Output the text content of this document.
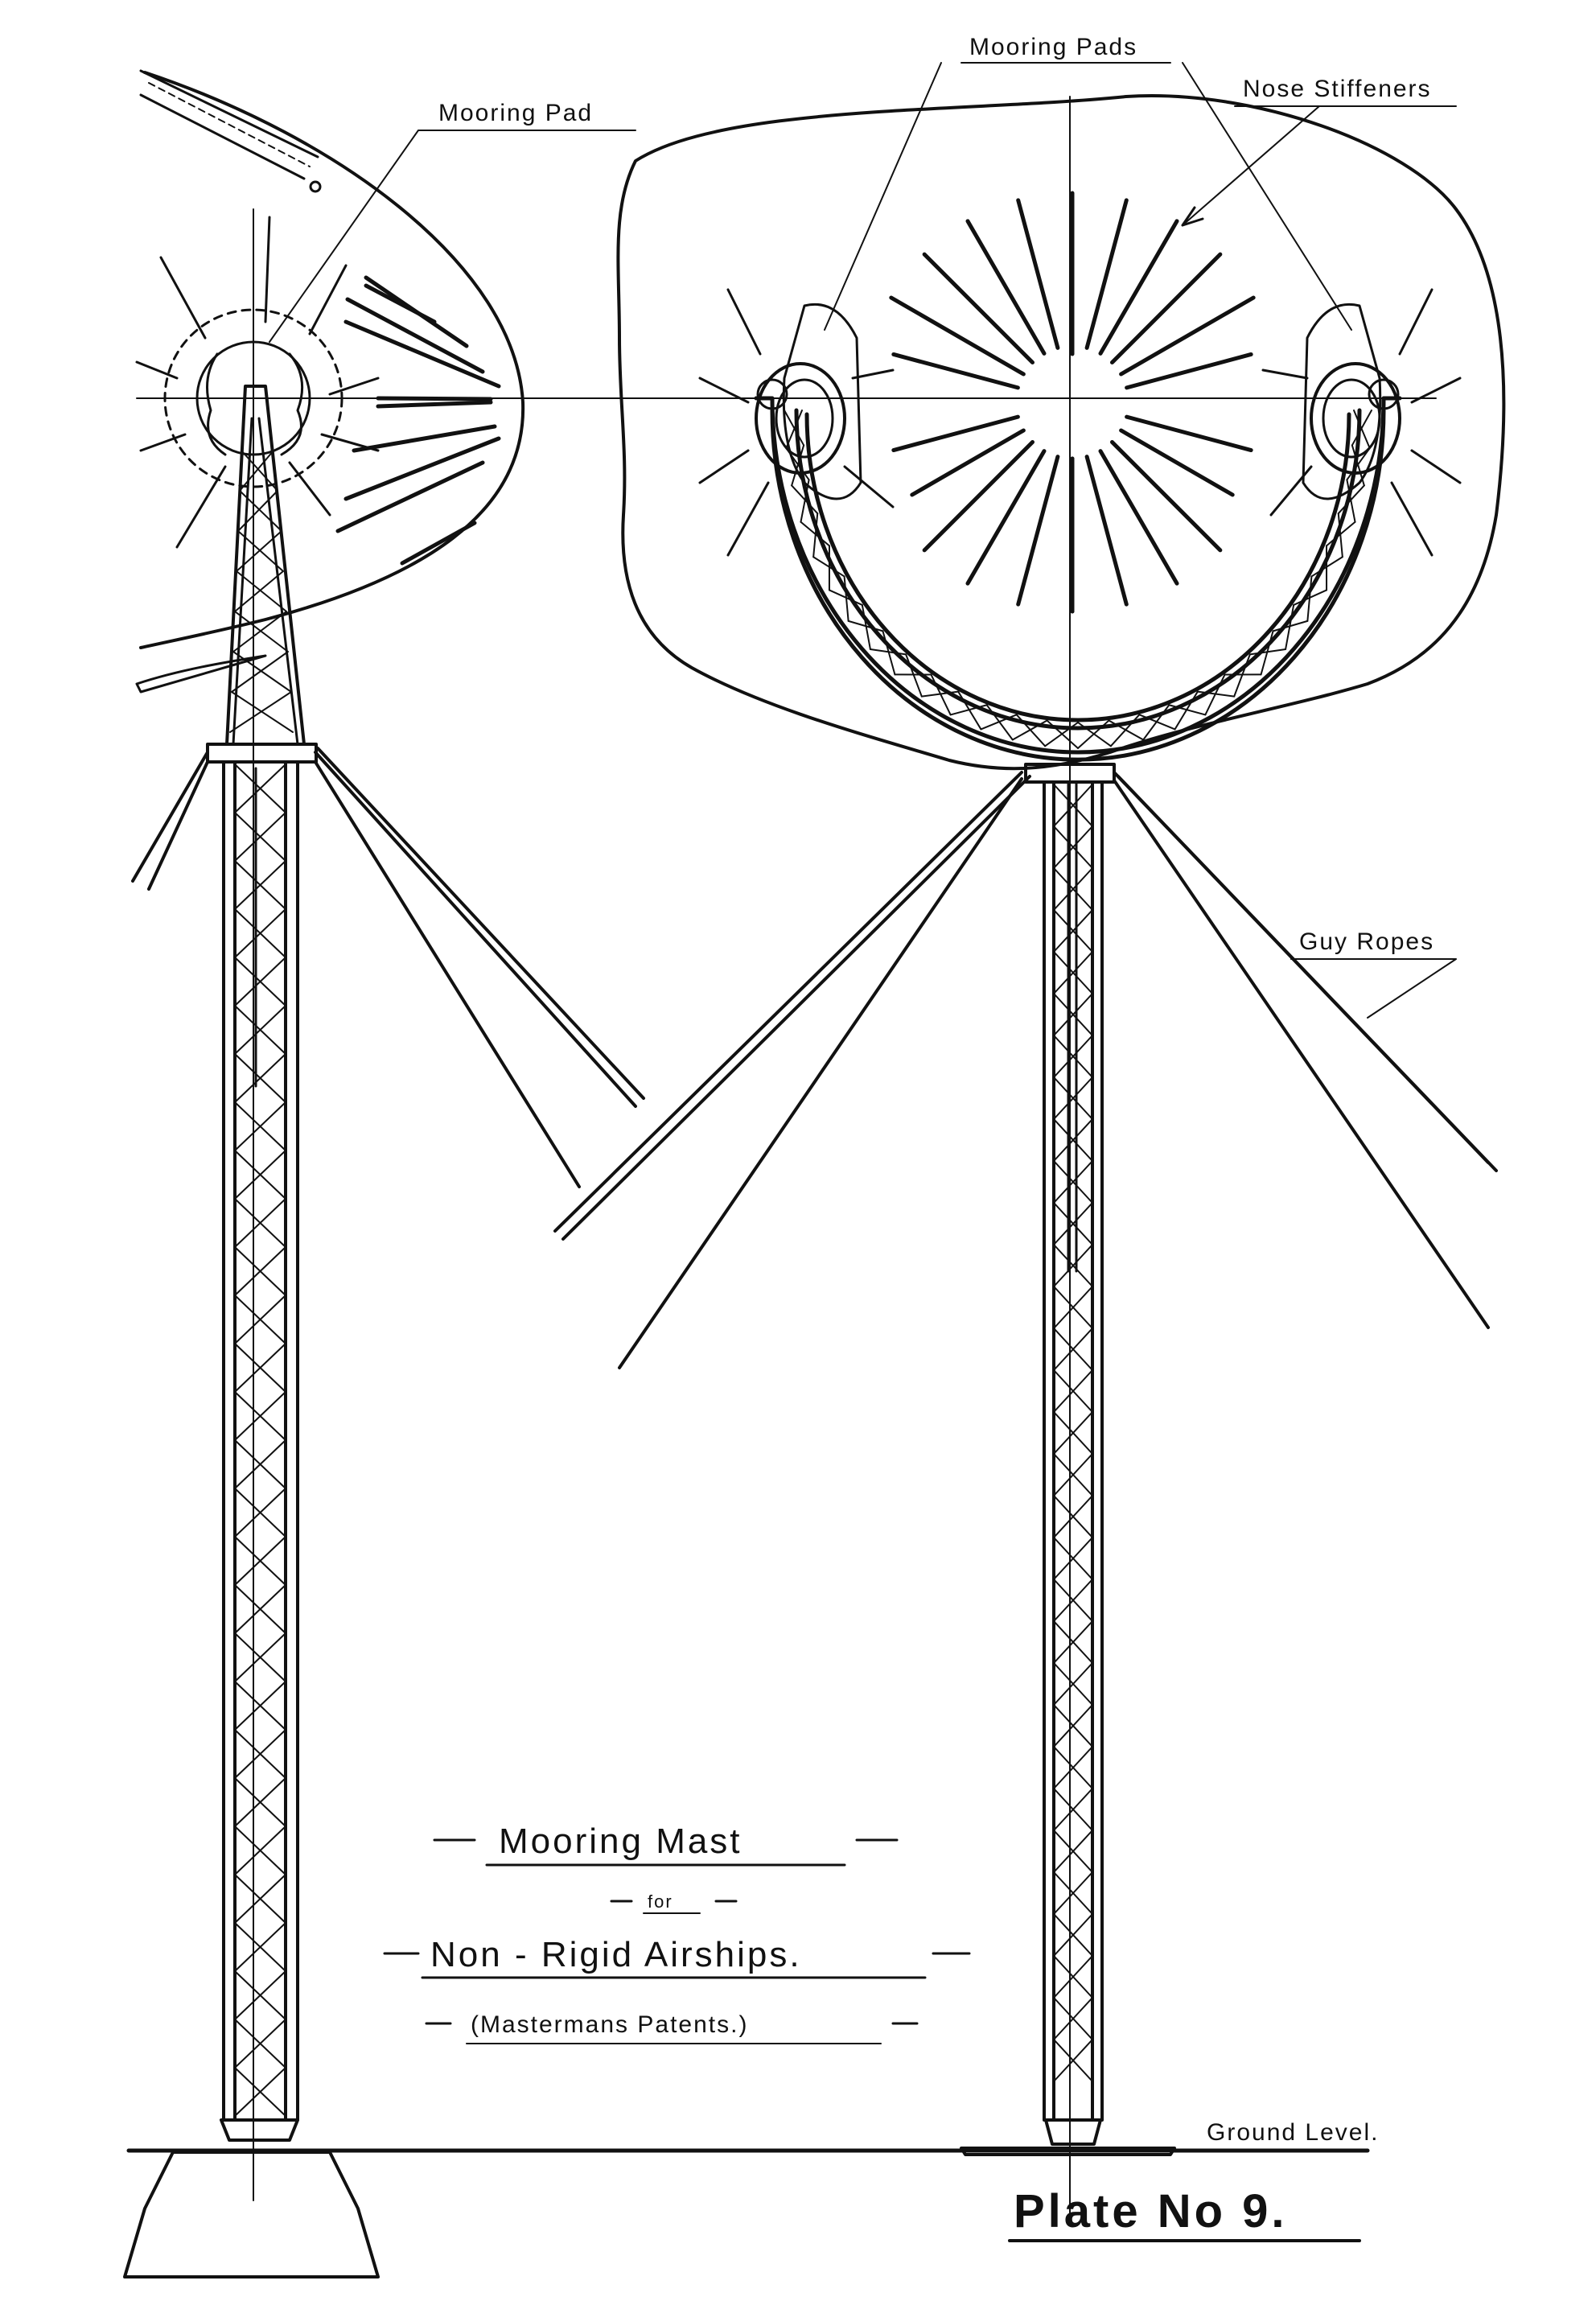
Mooring Pad
Mooring Pads
Nose Stiffeners
Guy Ropes
Ground Level.
Mooring Mast
for
Non - Rigid Airships.
(Mastermans Patents.)
Plate No 9.
